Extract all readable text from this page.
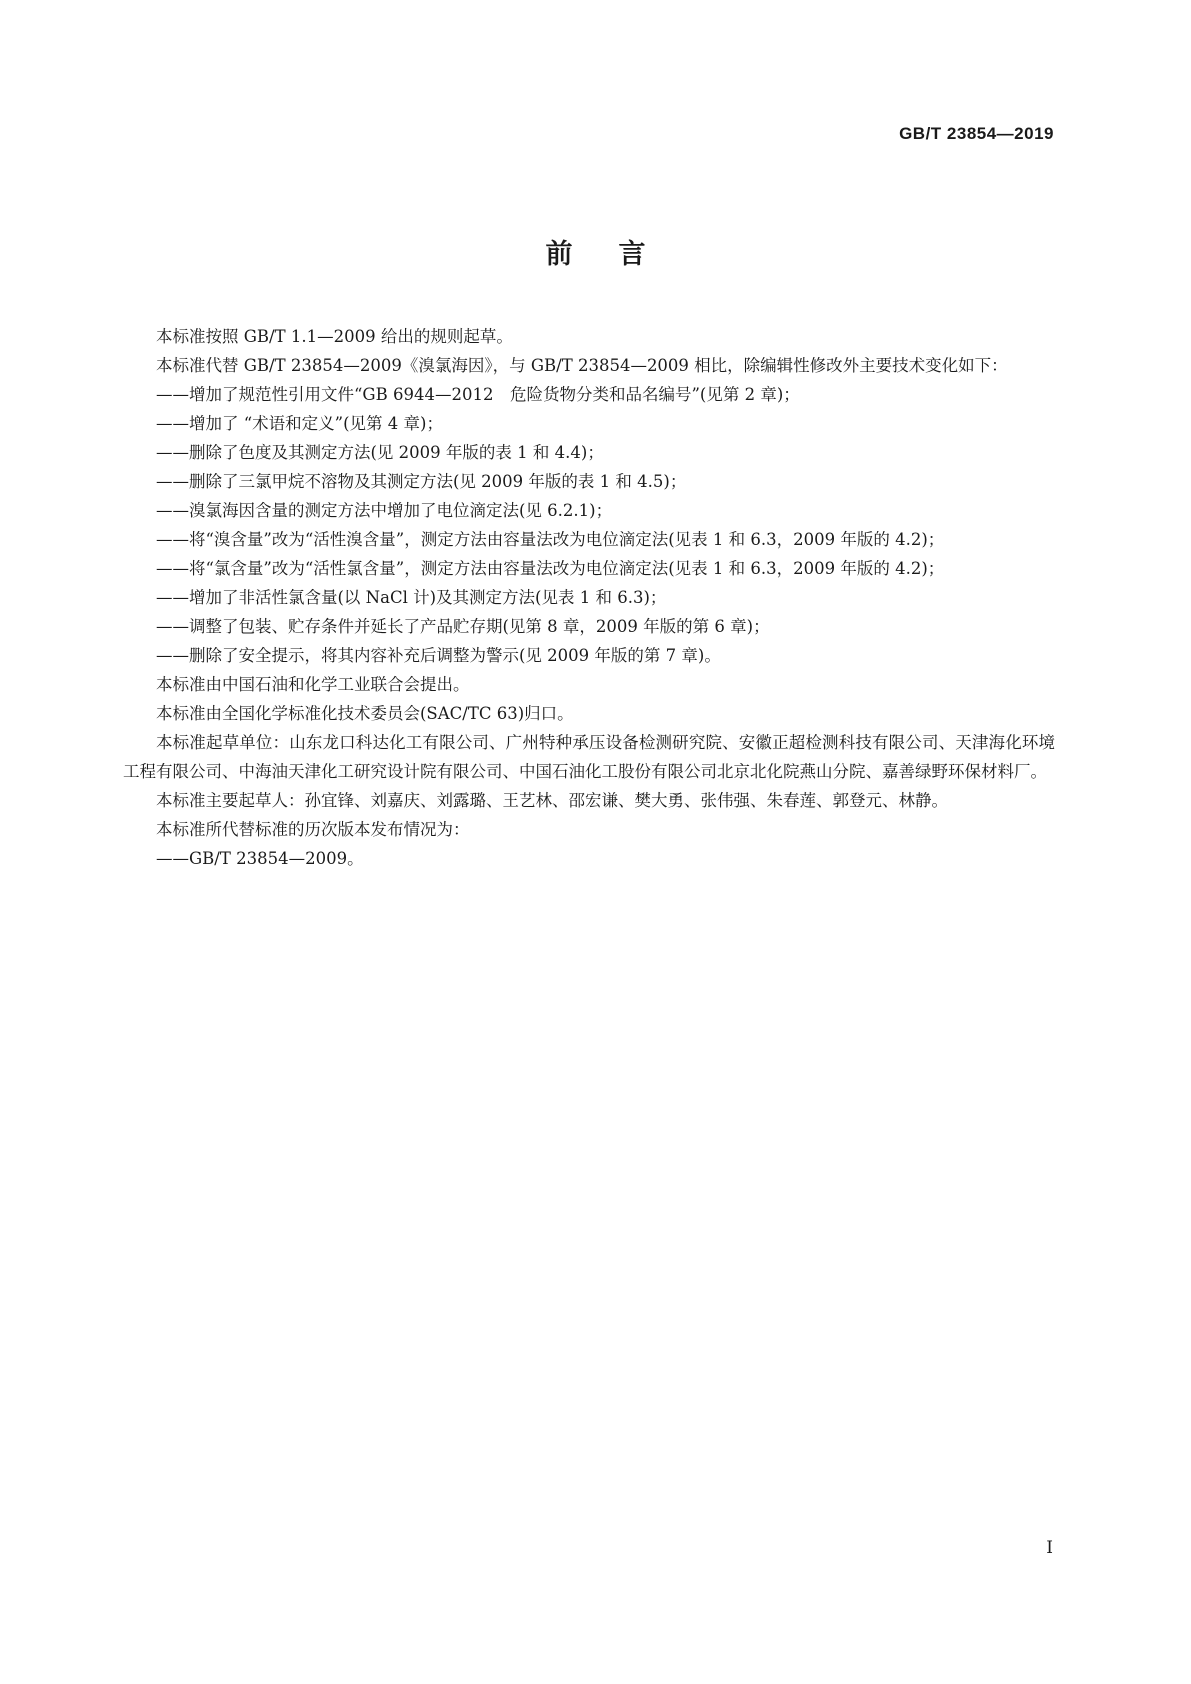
GB/T 23854—2019
前言

本标准按照 GB/T 1.1—2009 给出的规则起草。

本标准代替 GB/T 23854—2009《溴氯海因》，与 GB/T 23854—2009 相比，除编辑性修改外主要技术变化如下：

——增加了规范性引用文件“GB 6944—2012　危险货物分类和品名编号”(见第 2 章)；

——增加了 “术语和定义”(见第 4 章)；

——删除了色度及其测定方法(见 2009 年版的表 1 和 4.4)；

——删除了三氯甲烷不溶物及其测定方法(见 2009 年版的表 1 和 4.5)；

——溴氯海因含量的测定方法中增加了电位滴定法(见 6.2.1)；

——将“溴含量”改为“活性溴含量”，测定方法由容量法改为电位滴定法(见表 1 和 6.3，2009 年版的 4.2)；

——将“氯含量”改为“活性氯含量”，测定方法由容量法改为电位滴定法(见表 1 和 6.3，2009 年版的 4.2)；

——增加了非活性氯含量(以 NaCl 计)及其测定方法(见表 1 和 6.3)；

——调整了包装、贮存条件并延长了产品贮存期(见第 8 章，2009 年版的第 6 章)；

——删除了安全提示，将其内容补充后调整为警示(见 2009 年版的第 7 章)。

本标准由中国石油和化学工业联合会提出。

本标准由全国化学标准化技术委员会(SAC/TC 63)归口。

本标准起草单位：山东龙口科达化工有限公司、广州特种承压设备检测研究院、安徽正超检测科技有限公司、天津海化环境工程有限公司、中海油天津化工研究设计院有限公司、中国石油化工股份有限公司北京北化院燕山分院、嘉善绿野环保材料厂。

本标准主要起草人：孙宜锋、刘嘉庆、刘露璐、王艺林、邵宏谦、樊大勇、张伟强、朱春莲、郭登元、林静。

本标准所代替标准的历次版本发布情况为：

——GB/T 23854—2009。

I
